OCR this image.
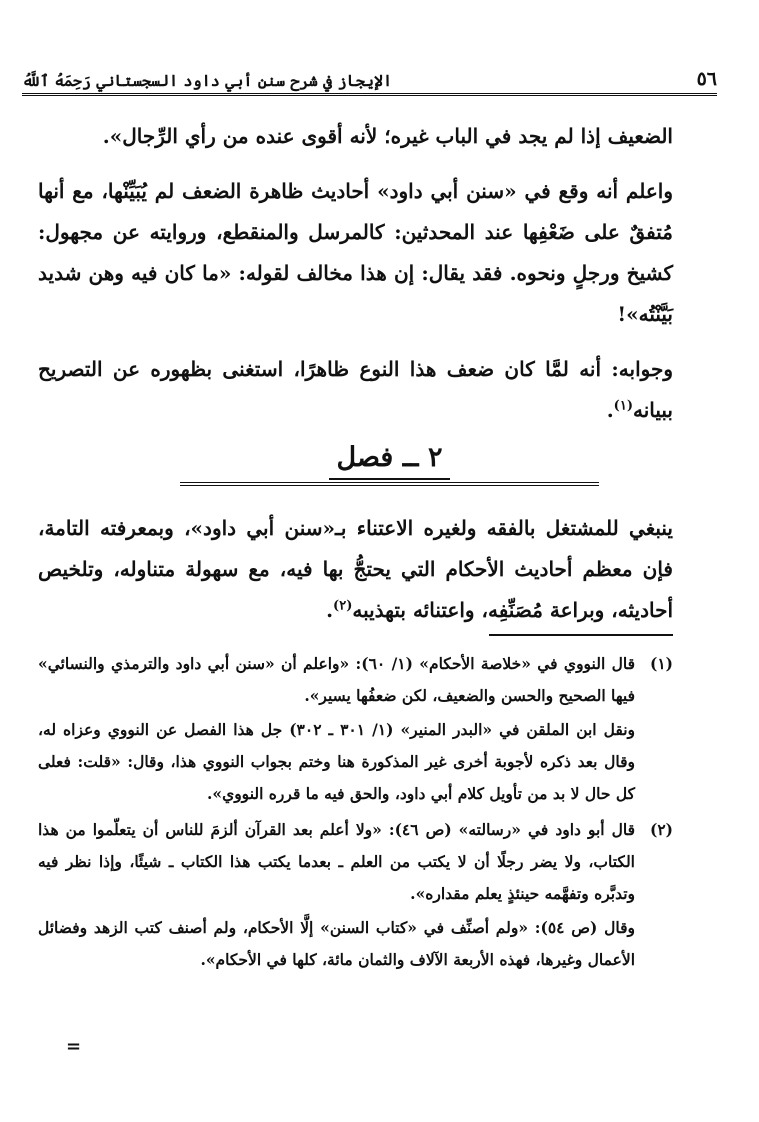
٥٦
الإيجاز في شرح سنن أبي داود السجستاني رَحِمَهُ ٱللَّهُ

الضعيف إذا لم يجد في الباب غيره؛ لأنه أقوى عنده من رأي الرِّجال».

واعلم أنه وقع في «سنن أبي داود» أحاديث ظاهرة الضعف لم يُبَيِّنْها، مع أنها مُتفقٌ على ضَعْفِها عند المحدثين: كالمرسل والمنقطع، وروايته عن مجهول: كشيخ ورجلٍ ونحوه. فقد يقال: إن هذا مخالف لقوله: «ما كان فيه وهن شديد بَيَّنْتُه»!

وجوابه: أنه لمَّا كان ضعف هذا النوع ظاهرًا، استغنى بظهوره عن التصريح ببيانه$^{(١)}$.

٢ ــ فصل

ينبغي للمشتغل بالفقه ولغيره الاعتناء بـ«سنن أبي داود»، وبمعرفته التامة، فإن معظم أحاديث الأحكام التي يحتجُّ بها فيه، مع سهولة متناوله، وتلخيص أحاديثه، وبراعة مُصَنِّفِه، واعتنائه بتهذيبه$^{(٢)}$.

(١)

قال النووي في «خلاصة الأحكام» (١/ ٦٠): «واعلم أن «سنن أبي داود والترمذي والنسائي» فيها الصحيح والحسن والضعيف، لكن ضعفُها يسير».

ونقل ابن الملقن في «البدر المنير» (١/ ٣٠١ ـ ٣٠٢) جل هذا الفصل عن النووي وعزاه له، وقال بعد ذكره لأجوبة أخرى غير المذكورة هنا وختم بجواب النووي هذا، وقال: «قلت: فعلى كل حال لا بد من تأويل كلام أبي داود، والحق فيه ما قرره النووي».

(٢)

قال أبو داود في «رسالته» (ص ٤٦): «ولا أعلم بعد القرآن ألزمَ للناس أن يتعلّموا من هذا الكتاب، ولا يضر رجلًا أن لا يكتب من العلم ـ بعدما يكتب هذا الكتاب ـ شيئًا، وإذا نظر فيه وتدبَّره وتفهَّمه حينئذٍ يعلم مقداره».

وقال (ص ٥٤): «ولم أصنِّف في «كتاب السنن» إلَّا الأحكام، ولم أصنف كتب الزهد وفضائل الأعمال وغيرها، فهذه الأربعة الآلاف والثمان مائة، كلها في الأحكام».

=
